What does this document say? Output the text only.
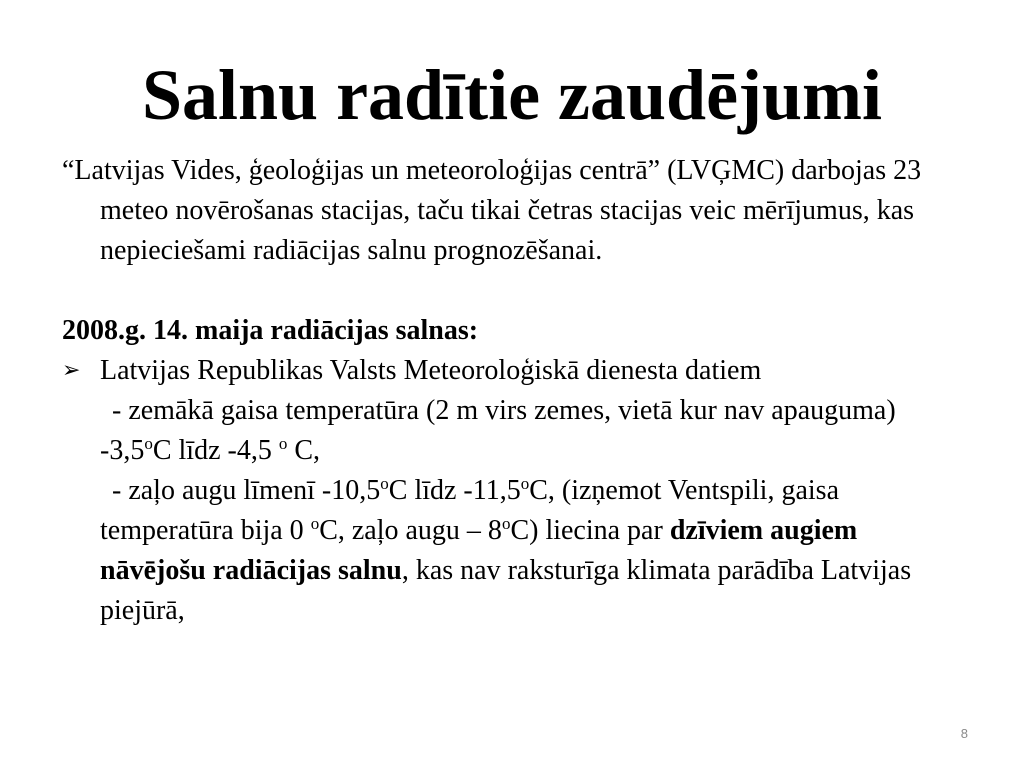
Salnu radītie zaudējumi

“Latvijas Vides, ģeoloģijas un meteoroloģijas centrā” (LVĢMC) darbojas 23 meteo novērošanas stacijas, taču tikai četras stacijas veic mērījumus, kas nepieciešami radiācijas salnu prognozēšanai.

2008.g. 14. maija radiācijas salnas:

➢ Latvijas Republikas Valsts Meteoroloģiskā dienesta datiem

- zemākā gaisa temperatūra (2 m virs zemes, vietā kur nav apauguma) -3,5$^o$C līdz -4,5 $^o$ C,

- zaļo augu līmenī -10,5$^o$C līdz -11,5$^o$C, (izņemot Ventspili, gaisa temperatūra bija 0 $^o$C, zaļo augu – 8$^o$C) liecina par dzīviem augiem nāvējošu radiācijas salnu, kas nav raksturīga klimata parādība Latvijas piejūrā,

8
